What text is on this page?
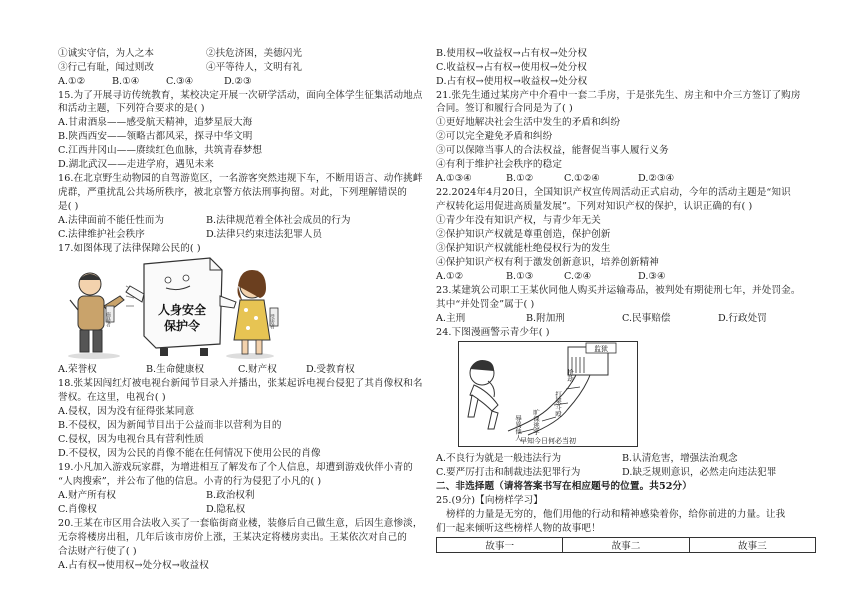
①诚实守信，为人之本	②扶危济困，美德闪光
③行己有耻，闻过则改	④平等待人，文明有礼
A.①②	B.①④	C.③④	D.②③
15.为了开展寻访传统教育，某校决定开展一次研学活动，面向全体学生征集活动地点
和活动主题，下列符合要求的是( )
A.甘肃酒泉——感受航天精神，追梦星辰大海
B.陕西西安——领略古都风采，探寻中华文明
C.江西井冈山——赓续红色血脉，共筑青春梦想
D.湖北武汉——走进学府，遇见未来
16.在北京野生动物园的自驾游览区，一名游客突然违规下车，不断用语言、动作挑衅
虎群，严重扰乱公共场所秩序，被北京警方依法刑事拘留。对此，下列理解错误的
是( )
A.法律面前不能任性而为	B.法律规范着全体社会成员的行为
C.法律维护社会秩序	D.法律只约束违法犯罪人员
17.如图体现了法律保障公民的( )
施暴者
人身安全
保护令	受害者
A.荣誉权	B.生命健康权	C.财产权	D.受教育权
18.张某因闯红灯被电视台新闻节目录入并播出，张某起诉电视台侵犯了其肖像权和名
誉权。在这里，电视台( )
A.侵权，因为没有征得张某同意
B.不侵权，因为新闻节目出于公益而非以营利为目的
C.侵权，因为电视台具有营利性质
D.不侵权，因为公民的肖像不能在任何情况下使用公民的肖像
19.小凡加入游戏玩家群，为增进相互了解发布了个人信息，却遭到游戏伙伴小青的
“人肉搜索”，并公布了他的信息。小青的行为侵犯了小凡的( )
A.财产所有权	B.政治权利
C.肖像权	D.隐私权
20.王某在市区用合法收入买了一套临街商业楼，装修后自己做生意，后因生意惨淡，
无奈将楼房出租，几年后该市房价上涨，王某决定将楼房卖出。王某依次对自己的
合法财产行使了( )
A.占有权→使用权→处分权→收益权
B.使用权→收益权→占有权→处分权
C.收益权→占有权→使用权→处分权
D.占有权→使用权→收益权→处分权
21.张先生通过某房产中介看中一套二手房，于是张先生、房主和中介三方签订了购房
合同。签订和履行合同是为了( )
①更好地解决社会生活中发生的矛盾和纠纷
②可以完全避免矛盾和纠纷
③可以保障当事人的合法权益，能督促当事人履行义务
④有利于维护社会秩序的稳定
A.①③④	B.①②	C.①②④	D.②③④
22.2024年4月20日，全国知识产权宣传周活动正式启动，今年的活动主题是“知识
产权转化运用促进高质量发展”。下列对知识产权的保护，认识正确的有( )
①青少年没有知识产权，与青少年无关
②保护知识产权就是尊重创造，保护创新
③保护知识产权就能杜绝侵权行为的发生
④保护知识产权有利于激发创新意识，培养创新精神
A.①②	B.①③	C.②④	D.③④
23.某建筑公司职工王某伙同他人购买并运输毒品，被判处有期徒刑七年，并处罚金。
其中“并处罚金”属于( )
A.主刑	B.附加刑	C.民事赔偿	D.行政处罚
24.下图漫画警示青少年( )
监狱
辱骂他人 旷课逃学
打架斗殴
抢劫
早知今日何必当初
A.不良行为就是一般违法行为	B.认清危害，增强法治观念
C.要严厉打击和制裁违法犯罪行为	D.缺乏规则意识，必然走向违法犯罪
二、非选择题（请将答案书写在相应题号的位置。共52分）
25.(9分)【向榜样学习】
榜样的力量是无穷的，他们用他的行动和精神感染着你，给你前进的力量。让我
们一起来倾听这些榜样人物的故事吧！
故事一	故事二	故事三
